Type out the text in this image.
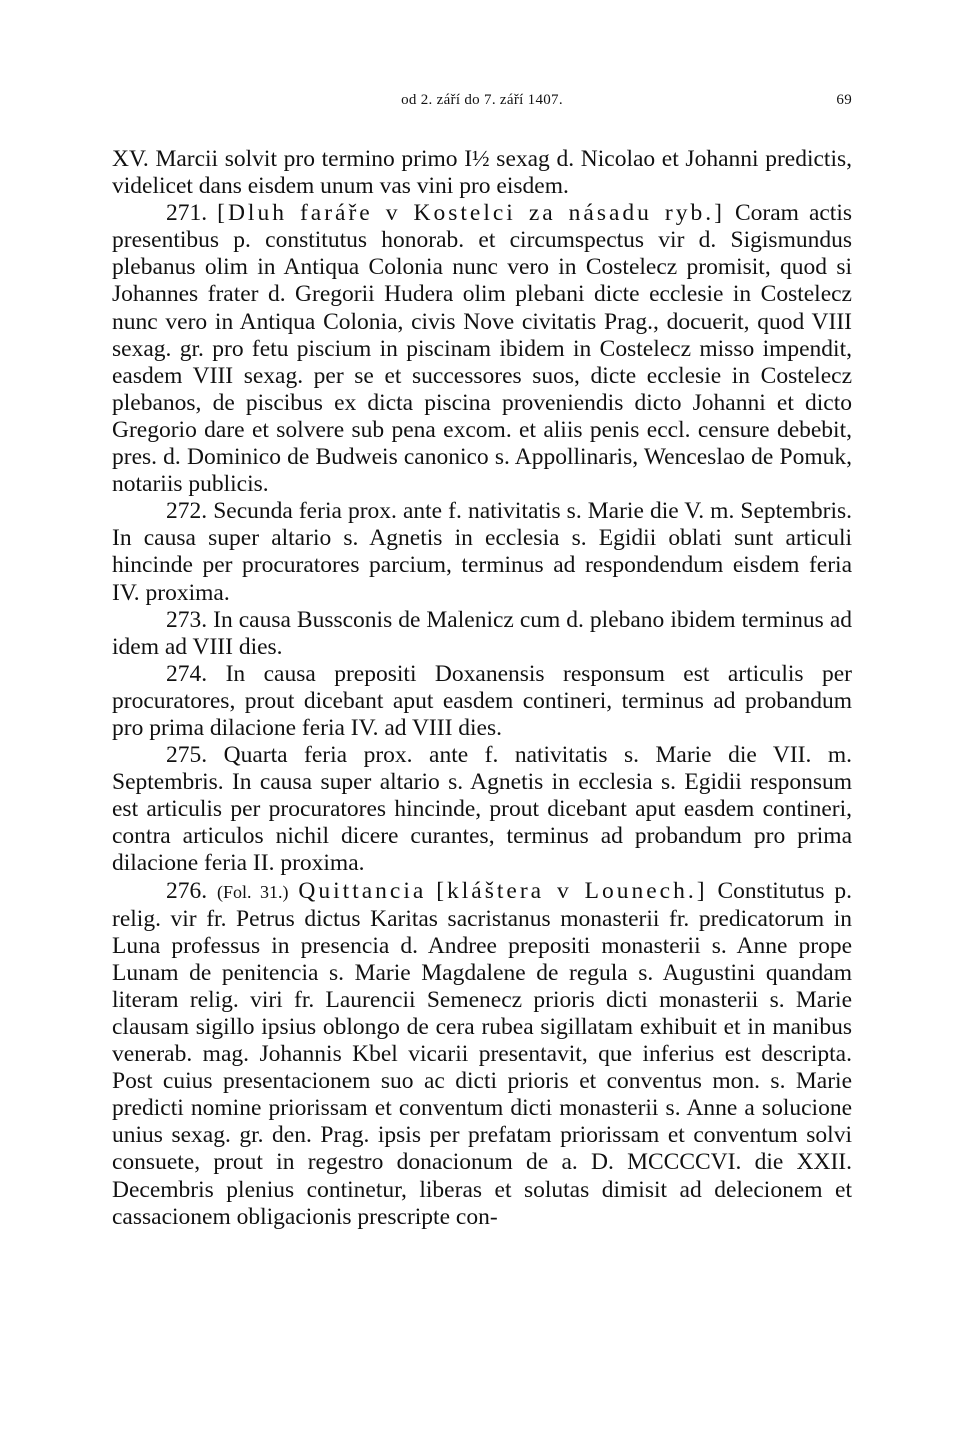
od 2. září do 7. září 1407.	69

XV. Marcii solvit pro termino primo I½ sexag d. Nicolao et Johanni predictis, videlicet dans eisdem unum vas vini pro eisdem.

271. [Dluh faráře v Kostelci za násadu ryb.] Coram actis presentibus p. constitutus honorab. et circumspectus vir d. Sigismundus plebanus olim in Antiqua Colonia nunc vero in Costelecz promisit, quod si Johannes frater d. Gregorii Hudera olim plebani dicte ecclesie in Costelecz nunc vero in Antiqua Colonia, civis Nove civitatis Prag., docuerit, quod VIII sexag. gr. pro fetu piscium in piscinam ibidem in Costelecz misso impendit, easdem VIII sexag. per se et successores suos, dicte ecclesie in Costelecz plebanos, de piscibus ex dicta piscina proveniendis dicto Johanni et dicto Gregorio dare et solvere sub pena excom. et aliis penis eccl. censure debebit, pres. d. Dominico de Budweis canonico s. Appollinaris, Wenceslao de Pomuk, notariis publicis.

272. Secunda feria prox. ante f. nativitatis s. Marie die V. m. Septembris. In causa super altario s. Agnetis in ecclesia s. Egidii oblati sunt articuli hincinde per procuratores parcium, terminus ad respondendum eisdem feria IV. proxima.

273. In causa Bussconis de Malenicz cum d. plebano ibidem terminus ad idem ad VIII dies.

274. In causa prepositi Doxanensis responsum est articulis per procuratores, prout dicebant aput easdem contineri, terminus ad probandum pro prima dilacione feria IV. ad VIII dies.

275. Quarta feria prox. ante f. nativitatis s. Marie die VII. m. Septembris. In causa super altario s. Agnetis in ecclesia s. Egidii responsum est articulis per procuratores hincinde, prout dicebant aput easdem contineri, contra articulos nichil dicere curantes, terminus ad probandum pro prima dilacione feria II. proxima.

276. (Fol. 31.) Quittancia [kláštera v Lounech.] Constitutus p. relig. vir fr. Petrus dictus Karitas sacristanus monasterii fr. predicatorum in Luna professus in presencia d. Andree prepositi monasterii s. Anne prope Lunam de penitencia s. Marie Magdalene de regula s. Augustini quandam literam relig. viri fr. Laurencii Semenecz prioris dicti monasterii s. Marie clausam sigillo ipsius oblongo de cera rubea sigillatam exhibuit et in manibus venerab. mag. Johannis Kbel vicarii presentavit, que inferius est descripta. Post cuius presentacionem suo ac dicti prioris et conventus mon. s. Marie predicti nomine priorissam et conventum dicti monasterii s. Anne a solucione unius sexag. gr. den. Prag. ipsis per prefatam priorissam et conventum solvi consuete, prout in regestro donacionum de a. D. MCCCCVI. die XXII. Decembris plenius continetur, liberas et solutas dimisit ad delecionem et cassacionem obligacionis prescripte con-
